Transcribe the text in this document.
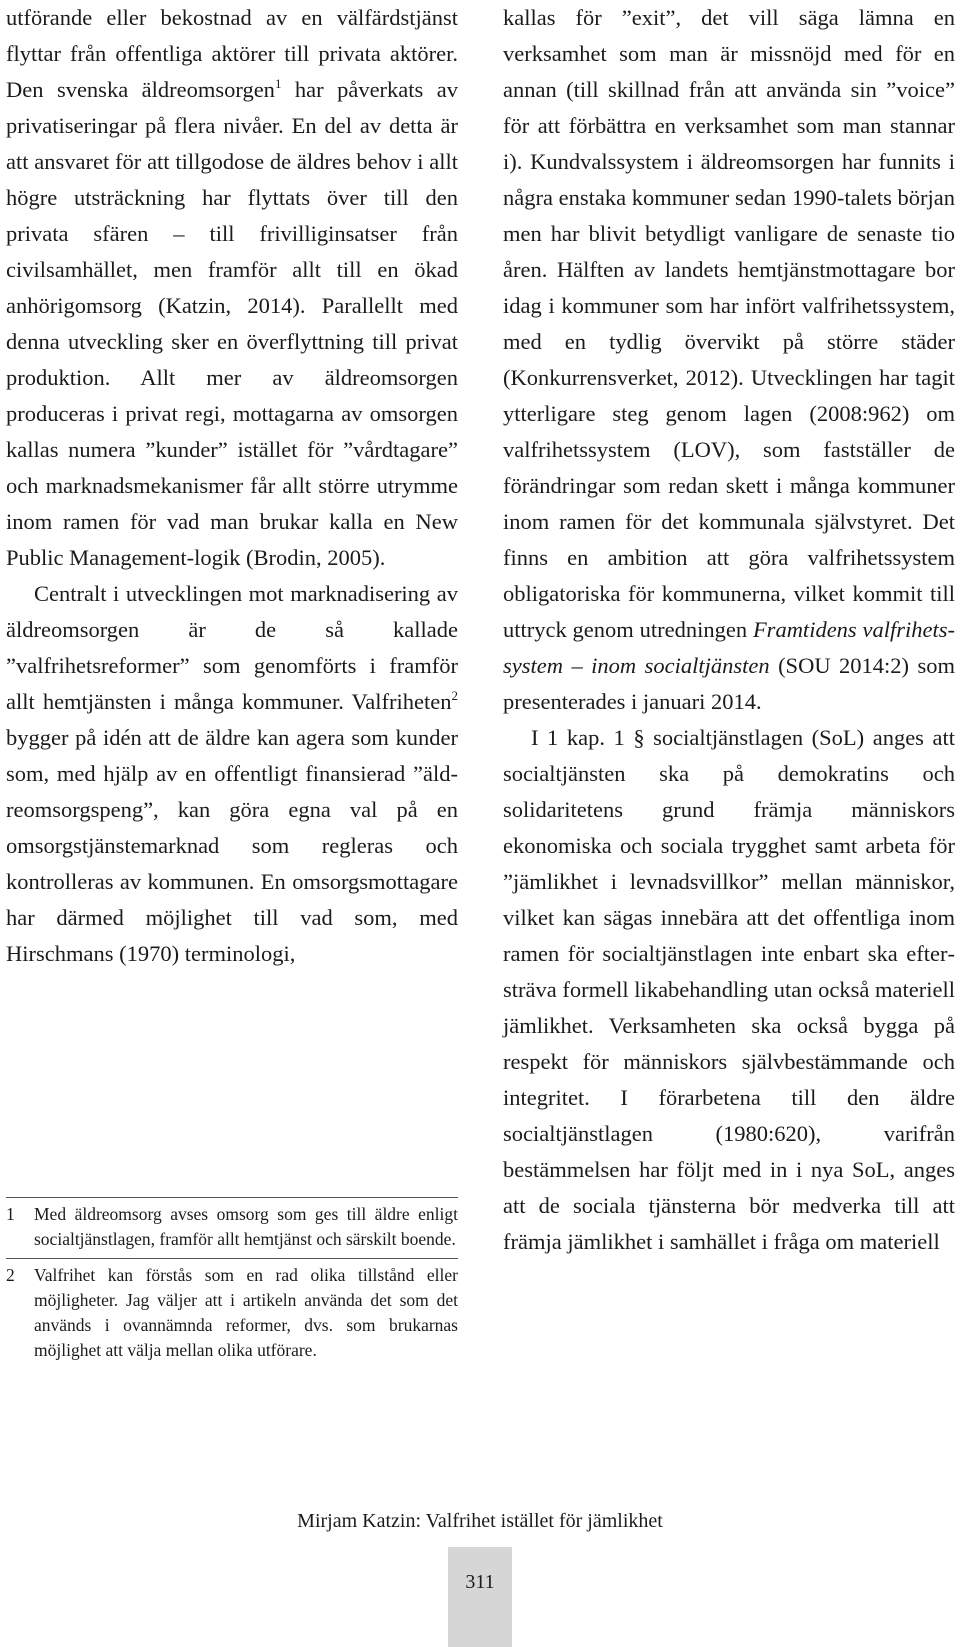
utförande eller bekostnad av en välfärdstjänst flyttar från offentliga aktörer till privata aktörer. Den svenska äldreomsorgen$^1$ har påverkats av privatiseringar på flera nivåer. En del av detta är att ansvaret för att tillgodose de äldres behov i allt högre utsträckning har flyttats över till den privata sfären – till frivilliginsatser från civilsamhället, men framför allt till en ökad anhörigomsorg (Katzin, 2014). Parallellt med denna utveckling sker en överflyttning till privat produktion. Allt mer av äldreomsorgen produceras i privat regi, mottagarna av omsorgen kallas numera ”kunder” istället för ”vårdtagare” och marknadsmekanismer får allt större utrymme inom ramen för vad man brukar kalla en New Public Management-logik (Brodin, 2005).

Centralt i utvecklingen mot marknadisering av äldreomsorgen är de så kallade ”valfrihetsreformer” som genomförts i framför allt hemtjänsten i många kommuner. Valfriheten$^2$ bygger på idén att de äldre kan agera som kunder som, med hjälp av en offentligt finansierad ”äldreomsorgspeng”, kan göra egna val på en omsorgstjänstemarknad som regleras och kontrolleras av kommunen. En omsorgsmottagare har därmed möjlighet till vad som, med Hirschmans (1970) terminologi,

1 Med äldreomsorg avses omsorg som ges till äldre enligt socialtjänstlagen, framför allt hemtjänst och särskilt boende.
2 Valfrihet kan förstås som en rad olika tillstånd eller möjligheter. Jag väljer att i artikeln använda det som det används i ovannämnda reformer, dvs. som brukarnas möjlighet att välja mellan olika utförare.

kallas för ”exit”, det vill säga lämna en verksamhet som man är missnöjd med för en annan (till skillnad från att använda sin ”voice” för att förbättra en verksamhet som man stannar i). Kundvalssystem i äldreomsorgen har funnits i några enstaka kommuner sedan 1990-talets början men har blivit betydligt vanligare de senaste tio åren. Hälften av landets hemtjänstmottagare bor idag i kommuner som har infört valfrihetssystem, med en tydlig övervikt på större städer (Konkurrensverket, 2012). Utvecklingen har tagit ytterligare steg genom lagen (2008:962) om valfrihetssystem (LOV), som fastställer de förändringar som redan skett i många kommuner inom ramen för det kommunala självstyret. Det finns en ambition att göra valfrihetssystem obligatoriska för kommunerna, vilket kommit till uttryck genom utredningen Framtidens valfrihetssystem – inom socialtjänsten (SOU 2014:2) som presenterades i januari 2014.

I 1 kap. 1 § socialtjänstlagen (SoL) anges att socialtjänsten ska på demokratins och solidaritetens grund främja människors ekonomiska och sociala trygghet samt arbeta för ”jämlikhet i levnadsvillkor” mellan människor, vilket kan sägas innebära att det offentliga inom ramen för socialtjänstlagen inte enbart ska eftersträva formell likabehandling utan också materiell jämlikhet. Verksamheten ska också bygga på respekt för människors självbestämmande och integritet. I förarbetena till den äldre socialtjänstlagen (1980:620), varifrån bestämmelsen har följt med in i nya SoL, anges att de sociala tjänsterna bör medverka till att främja jämlikhet i samhället i fråga om materiell

Mirjam Katzin: Valfrihet istället för jämlikhet
311
